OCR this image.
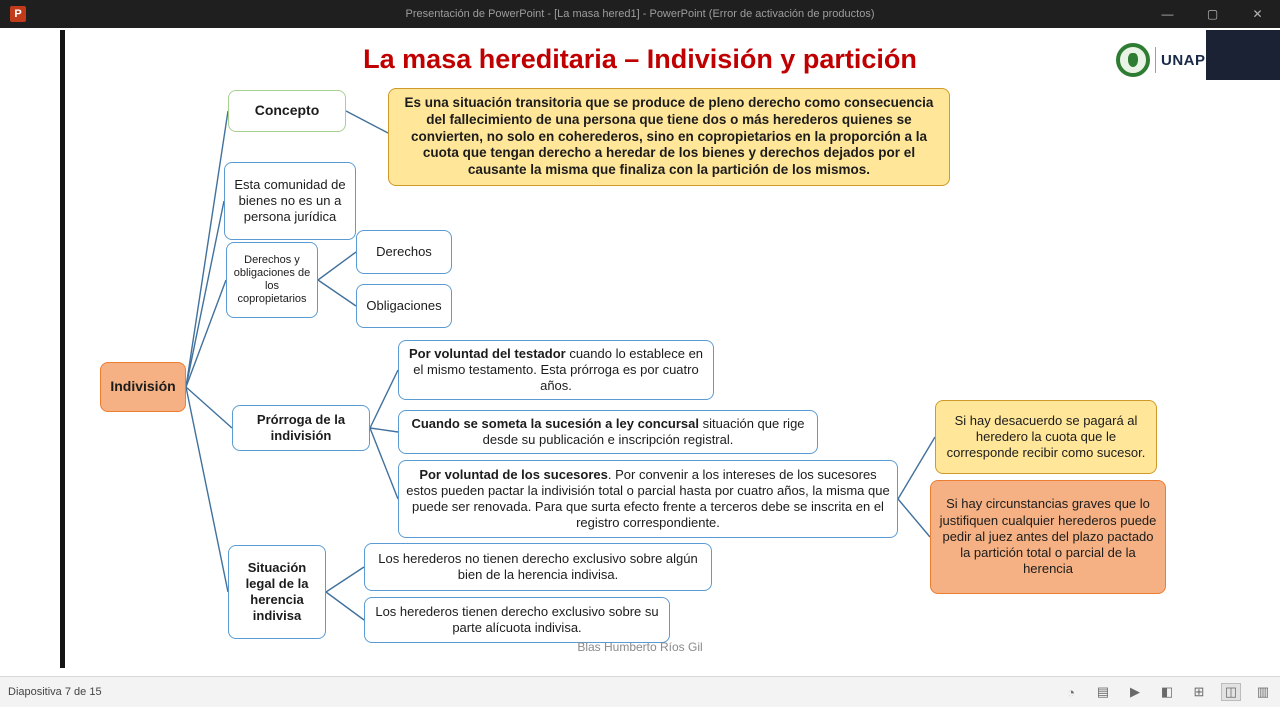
P	Presentación de PowerPoint - [La masa hered1] - PowerPoint (Error de activación de productos)	—	▢	✕
La masa hereditaria – Indivisión y partición	UNAP
Concepto	Es una situación transitoria que se produce de pleno derecho como consecuencia del fallecimiento de una persona que tiene dos o más herederos quienes se convierten, no solo en coherederos, sino en copropietarios en la proporción a la cuota que tengan derecho a heredar de los bienes y derechos dejados por el causante la misma que finaliza con la partición de los mismos.
Esta comunidad de bienes no es un a persona jurídica
Derechos y obligaciones de los copropietarios
Derechos
Obligaciones
Indivisión
Prórroga de la indivisión
Por voluntad del testador cuando lo establece en el mismo testamento. Esta prórroga es por cuatro años.
Cuando se someta la sucesión a ley concursal situación que rige desde su publicación e inscripción registral.
Por voluntad de los sucesores. Por convenir a los intereses de los sucesores estos pueden pactar la indivisión total o parcial hasta por cuatro años, la misma que puede ser renovada. Para que surta efecto frente a terceros debe se inscrita en el registro correspondiente.
Si hay desacuerdo se pagará al heredero la cuota que le corresponde recibir como sucesor.
Si hay circunstancias graves que lo justifiquen cualquier herederos puede pedir al juez antes del plazo pactado la partición total o parcial de la herencia
Situación legal de la herencia indivisa
Los herederos no tienen derecho exclusivo sobre algún bien de la herencia indivisa.
Los herederos tienen derecho exclusivo sobre su parte alícuota indivisa.
Blas Humberto Ríos Gil
Diapositiva 7 de 15	◔	▤	▶	◧ ⊞ ◫ ▥
